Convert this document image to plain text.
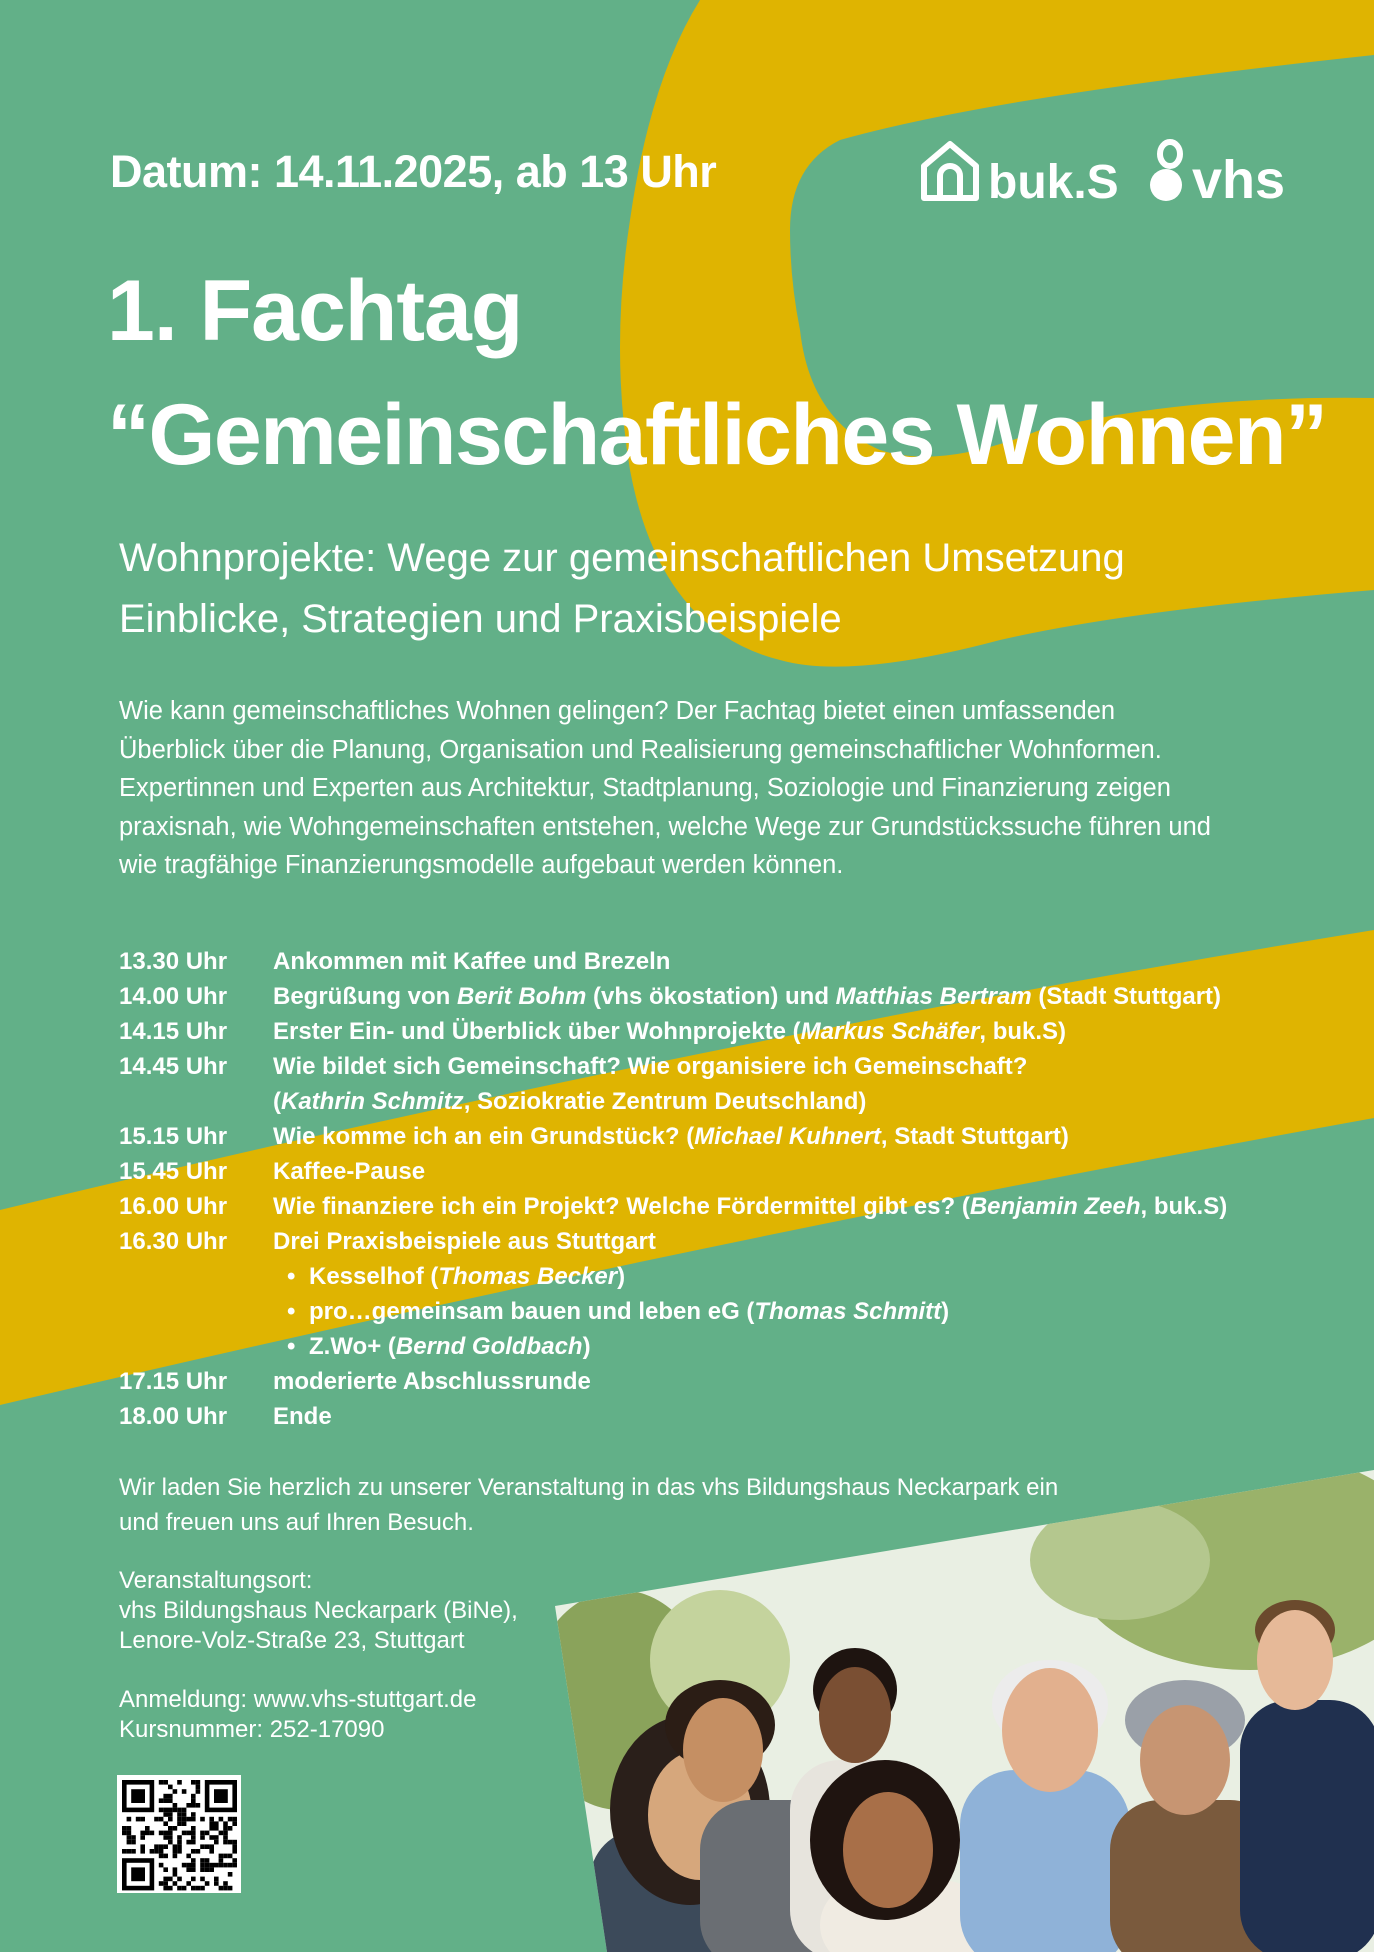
Datum: 14.11.2025, ab 13 Uhr	buk.S vhs
1. Fachtag
“Gemeinschaftliches Wohnen”
Wohnprojekte: Wege zur gemeinschaftlichen Umsetzung
Einblicke, Strategien und Praxisbeispiele
Wie kann gemeinschaftliches Wohnen gelingen? Der Fachtag bietet einen umfassenden
Überblick über die Planung, Organisation und Realisierung gemeinschaftlicher Wohnformen.
Expertinnen und Experten aus Architektur, Stadtplanung, Soziologie und Finanzierung zeigen
praxisnah, wie Wohngemeinschaften entstehen, welche Wege zur Grundstückssuche führen und
wie tragfähige Finanzierungsmodelle aufgebaut werden können.
13.30 Uhr	Ankommen mit Kaffee und Brezeln
14.00 Uhr	Begrüßung von Berit Bohm (vhs ökostation) und Matthias Bertram (Stadt Stuttgart)
14.15 Uhr	Erster Ein- und Überblick über Wohnprojekte (Markus Schäfer, buk.S)
14.45 Uhr	Wie bildet sich Gemeinschaft? Wie organisiere ich Gemeinschaft?
(Kathrin Schmitz, Soziokratie Zentrum Deutschland)
15.15 Uhr	Wie komme ich an ein Grundstück? (Michael Kuhnert, Stadt Stuttgart)
15.45 Uhr	Kaffee-Pause
16.00 Uhr	Wie finanziere ich ein Projekt? Welche Fördermittel gibt es? (Benjamin Zeeh, buk.S)
16.30 Uhr	Drei Praxisbeispiele aus Stuttgart
• Kesselhof (Thomas Becker)
• pro…gemeinsam bauen und leben eG (Thomas Schmitt)
• Z.Wo+ (Bernd Goldbach)
17.15 Uhr	moderierte Abschlussrunde
18.00 Uhr	Ende
Wir laden Sie herzlich zu unserer Veranstaltung in das vhs Bildungshaus Neckarpark ein
und freuen uns auf Ihren Besuch.
Veranstaltungsort:
vhs Bildungshaus Neckarpark (BiNe),
Lenore-Volz-Straße 23, Stuttgart
Anmeldung: www.vhs-stuttgart.de
Kursnummer: 252-17090
